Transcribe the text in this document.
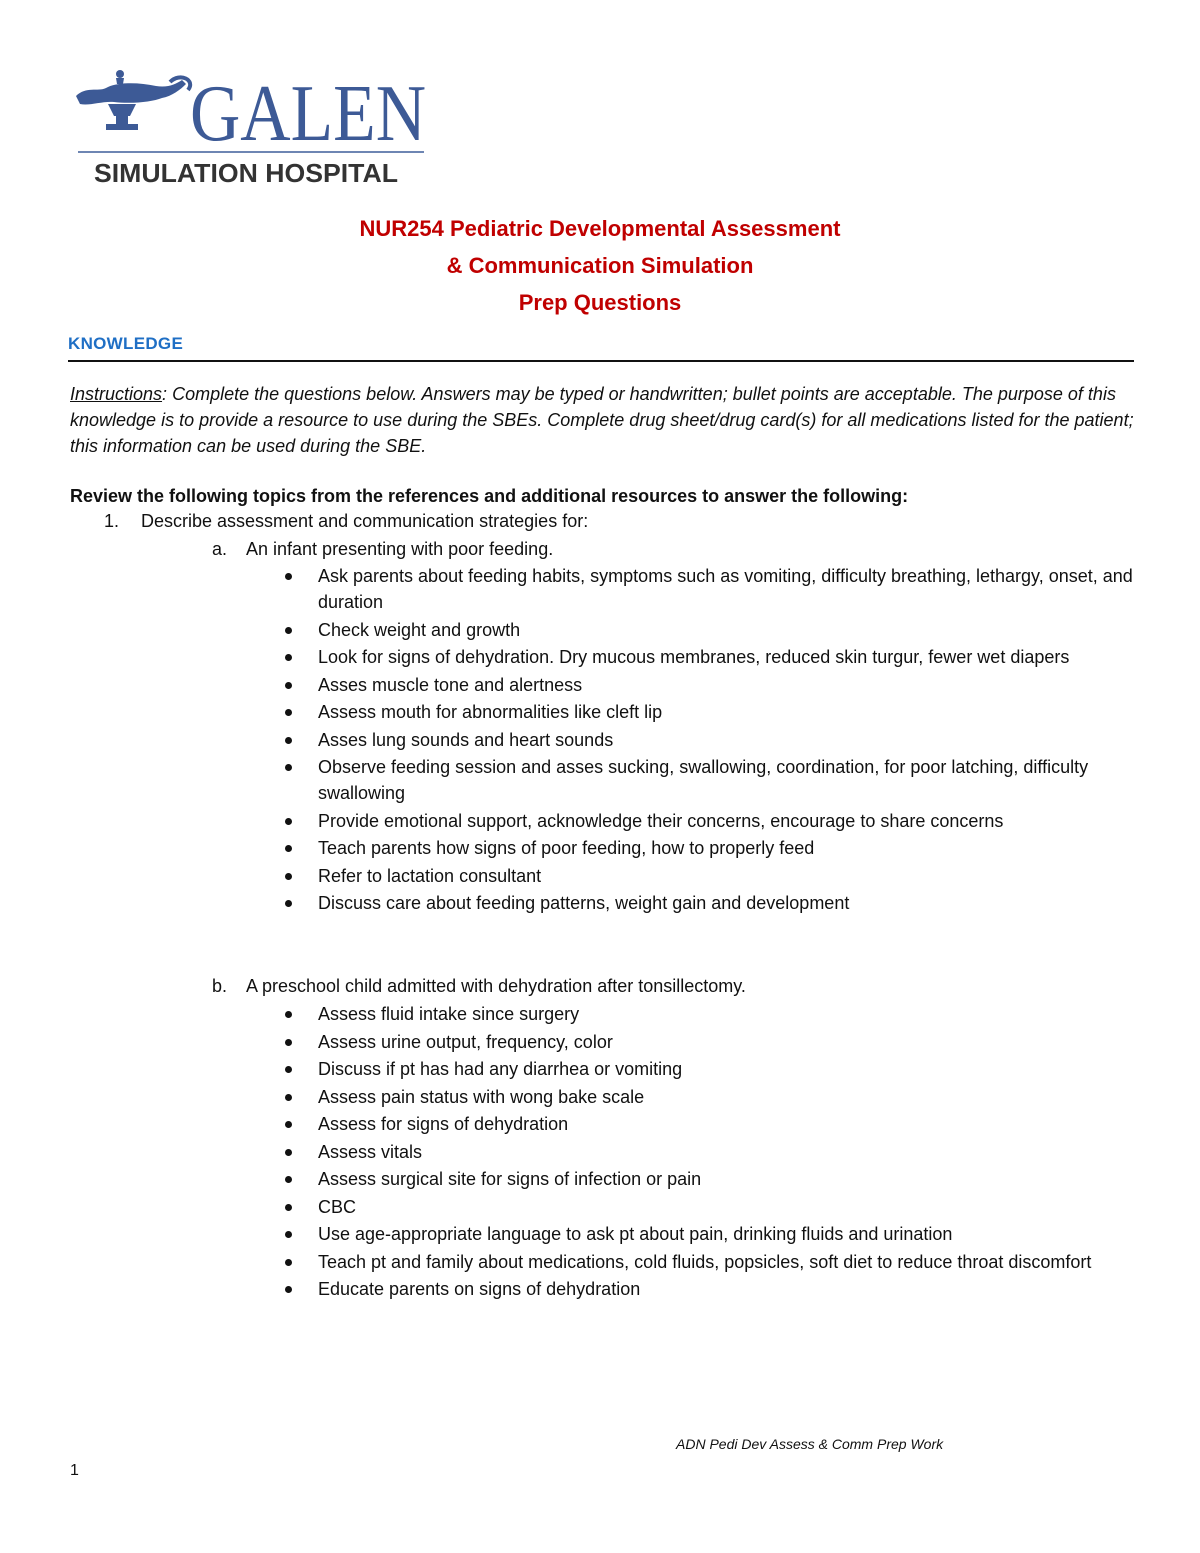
GALEN
SIMULATION HOSPITAL
NUR254 Pediatric Developmental Assessment
& Communication Simulation
Prep Questions
KNOWLEDGE
Instructions: Complete the questions below. Answers may be typed or handwritten; bullet points are acceptable. The purpose of this knowledge is to provide a resource to use during the SBEs. Complete drug sheet/drug card(s) for all medications listed for the patient; this information can be used during the SBE.
Review the following topics from the references and additional resources to answer the following:
1. Describe assessment and communication strategies for:
a. An infant presenting with poor feeding.
Ask parents about feeding habits, symptoms such as vomiting, difficulty breathing, lethargy, onset, and duration
Check weight and growth
Look for signs of dehydration. Dry mucous membranes, reduced skin turgur, fewer wet diapers
Asses muscle tone and alertness
Assess mouth for abnormalities like cleft lip
Asses lung sounds and heart sounds
Observe feeding session and asses sucking, swallowing, coordination, for poor latching, difficulty swallowing
Provide emotional support, acknowledge their concerns, encourage to share concerns
Teach parents how signs of poor feeding, how to properly feed
Refer to lactation consultant
Discuss care about feeding patterns, weight gain and development
b. A preschool child admitted with dehydration after tonsillectomy.
Assess fluid intake since surgery
Assess urine output, frequency, color
Discuss if pt has had any diarrhea or vomiting
Assess pain status with wong bake scale
Assess for signs of dehydration
Assess vitals
Assess surgical site for signs of infection or pain
CBC
Use age-appropriate language to ask pt about pain, drinking fluids and urination
Teach pt and family about medications, cold fluids, popsicles, soft diet to reduce throat discomfort
Educate parents on signs of dehydration
ADN Pedi Dev Assess & Comm Prep Work
1
